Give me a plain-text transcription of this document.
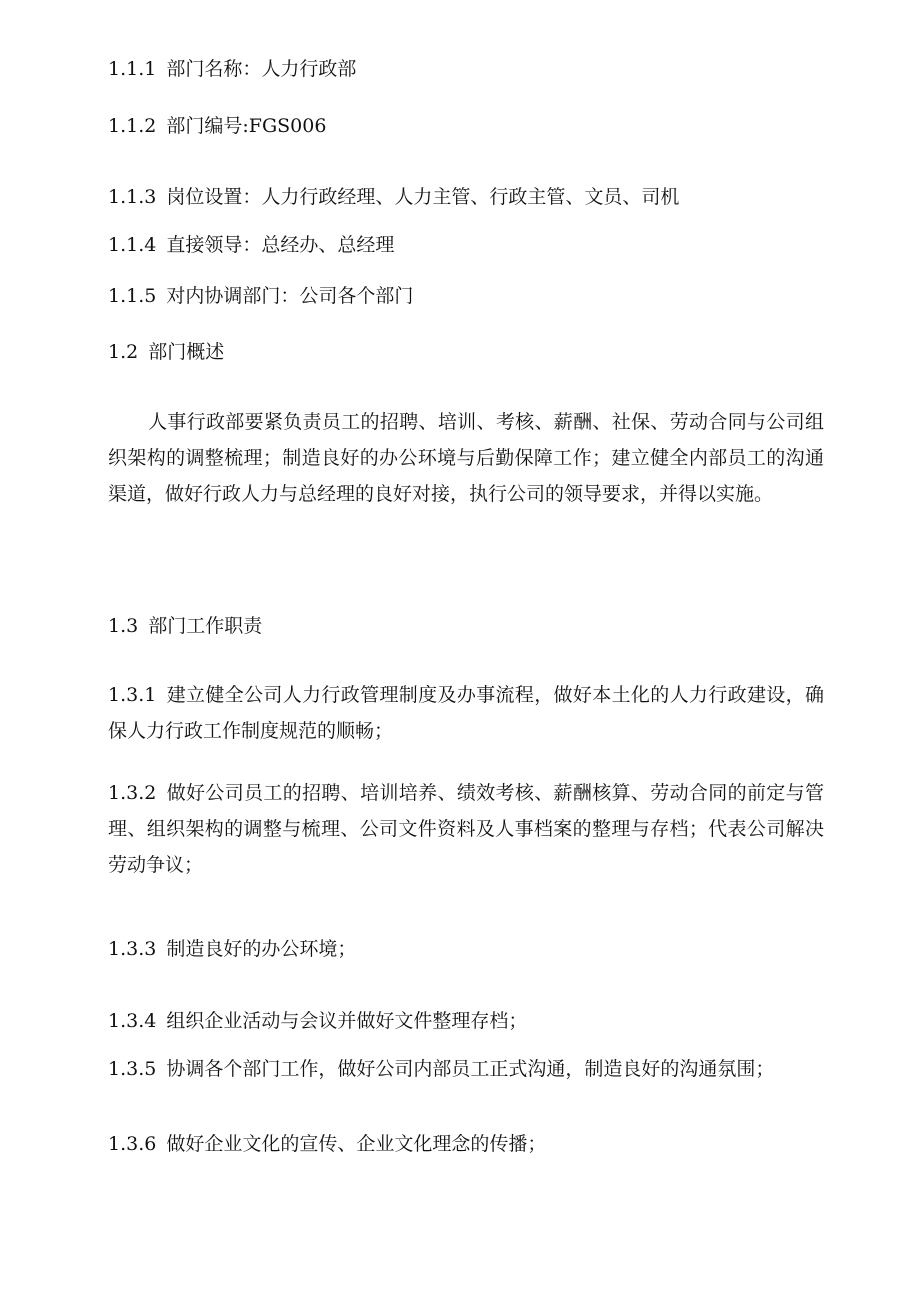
1.1.1 部门名称：人力行政部
1.1.2 部门编号:FGS006
1.1.3 岗位设置：人力行政经理、人力主管、行政主管、文员、司机
1.1.4 直接领导：总经办、总经理
1.1.5 对内协调部门：公司各个部门
1.2 部门概述
人事行政部要紧负责员工的招聘、培训、考核、薪酬、社保、劳动合同与公司组织架构的调整梳理；制造良好的办公环境与后勤保障工作；建立健全内部员工的沟通渠道，做好行政人力与总经理的良好对接，执行公司的领导要求，并得以实施。
1.3 部门工作职责
1.3.1 建立健全公司人力行政管理制度及办事流程，做好本土化的人力行政建设，确保人力行政工作制度规范的顺畅；
1.3.2 做好公司员工的招聘、培训培养、绩效考核、薪酬核算、劳动合同的前定与管理、组织架构的调整与梳理、公司文件资料及人事档案的整理与存档；代表公司解决劳动争议；
1.3.3 制造良好的办公环境；
1.3.4 组织企业活动与会议并做好文件整理存档；
1.3.5 协调各个部门工作，做好公司内部员工正式沟通，制造良好的沟通氛围；
1.3.6 做好企业文化的宣传、企业文化理念的传播；
